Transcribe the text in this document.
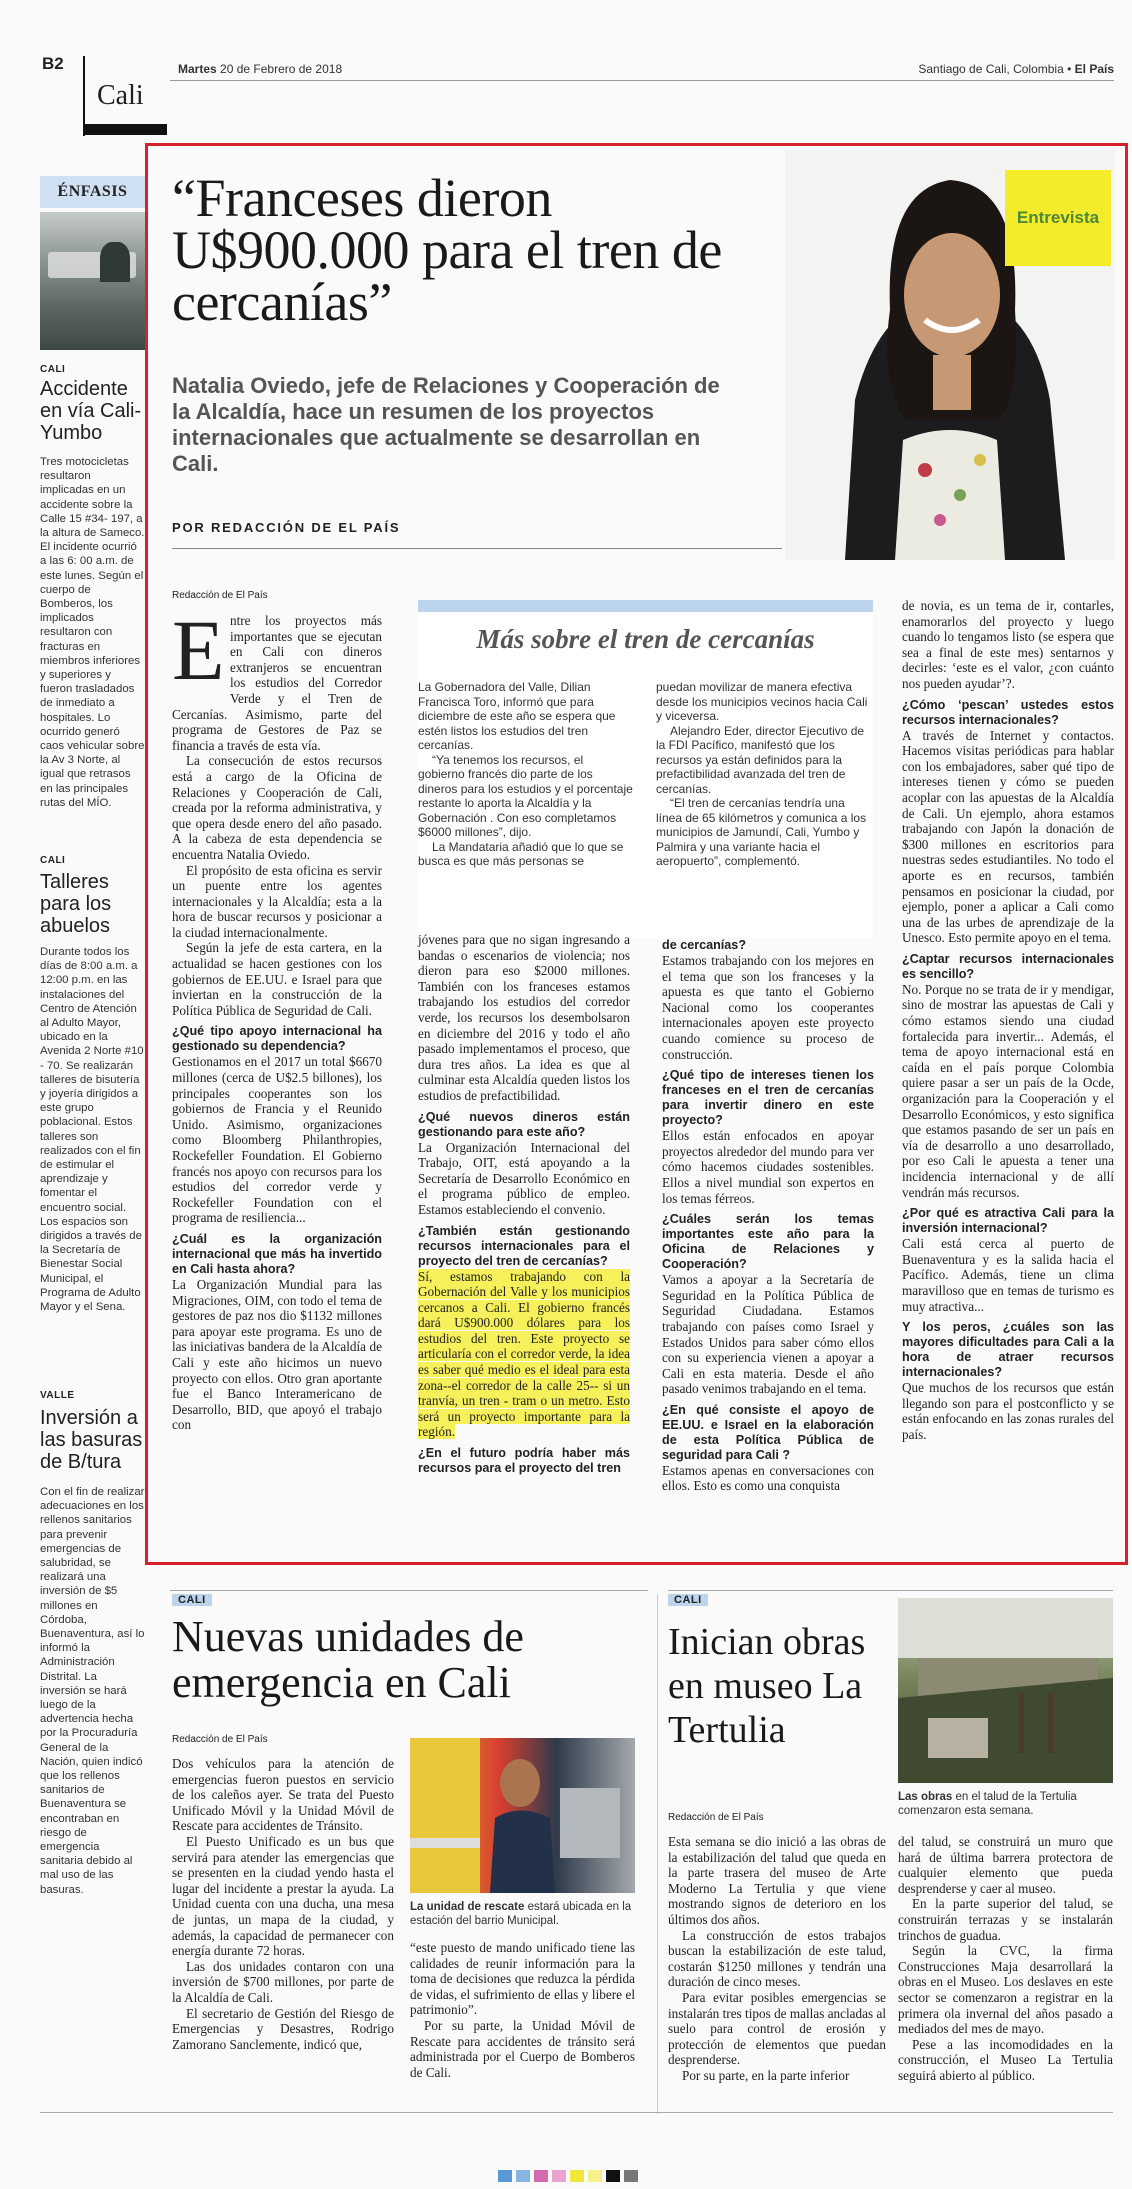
B2
Cali
Martes 20 de Febrero de 2018	Santiago de Cali, Colombia • El País
ÉNFASIS
CALI
Accidente en vía Cali-Yumbo
Tres motocicletas resultaron implicadas en un accidente sobre la Calle 15 #34- 197, a la altura de Sameco. El incidente ocurrió a las 6: 00 a.m. de este lunes. Según el cuerpo de Bomberos, los implicados resultaron con fracturas en miembros inferiores y superiores y fueron trasladados de inmediato a hospitales. Lo ocurrido generó caos vehicular sobre la Av 3 Norte, al igual que retrasos en las principales rutas del MÍO.
CALI
Talleres para los abuelos
Durante todos los días de 8:00 a.m. a 12:00 p.m. en las instalaciones del Centro de Atención al Adulto Mayor, ubicado en la Avenida 2 Norte #10 - 70. Se realizarán talleres de bisutería y joyería dirigidos a este grupo poblacional. Estos talleres son realizados con el fin de estimular el aprendizaje y fomentar el encuentro social. Los espacios son dirigidos a través de la Secretaría de Bienestar Social Municipal, el Programa de Adulto Mayor y el Sena.
VALLE
Inversión a las basuras de B/tura
Con el fin de realizar adecuaciones en los rellenos sanitarios para prevenir emergencias de salubridad, se realizará una inversión de $5 millones en Córdoba, Buenaventura, así lo informó la Administración Distrital. La inversión se hará luego de la advertencia hecha por la Procuraduría General de la Nación, quien indicó que los rellenos sanitarios de Buenaventura se encontraban en riesgo de emergencia sanitaria debido al mal uso de las basuras.
Entrevista
“Franceses dieron U$900.000 para el tren de cercanías”
Natalia Oviedo, jefe de Relaciones y Cooperación de la Alcaldía, hace un resumen de los proyectos internacionales que actualmente se desarrollan en Cali.
POR REDACCIÓN DE EL PAÍS
Redacción de El País
E ntre los proyectos más importantes que se ejecutan en Cali con dineros extranjeros se encuentran los estudios del Corredor Verde y el Tren de Cercanías. Asimismo, parte del programa de Gestores de Paz se financia a través de esta vía.

La consecución de estos recursos está a cargo de la Oficina de Relaciones y Cooperación de Cali, creada por la reforma administrativa, y que opera desde enero del año pasado. A la cabeza de esta dependencia se encuentra Natalia Oviedo.

El propósito de esta oficina es servir un puente entre los agentes internacionales y la Alcaldía; esta a la hora de buscar recursos y posicionar a la ciudad internacionalmente.

Según la jefe de esta cartera, en la actualidad se hacen gestiones con los gobiernos de EE.UU. e Israel para que inviertan en la construcción de la Política Pública de Seguridad de Cali.

¿Qué tipo apoyo internacional ha gestionado su dependencia?

Gestionamos en el 2017 un total $6670 millones (cerca de U$2.5 billones), los principales cooperantes son los gobiernos de Francia y el Reunido Unido. Asimismo, organizaciones como Bloomberg Philanthropies, Rockefeller Foundation. El Gobierno francés nos apoyo con recursos para los estudios del corredor verde y Rockefeller Foundation con el programa de resiliencia...

¿Cuál es la organización internacional que más ha invertido en Cali hasta ahora?

La Organización Mundial para las Migraciones, OIM, con todo el tema de gestores de paz nos dio $1132 millones para apoyar este programa. Es uno de las iniciativas bandera de la Alcaldía de Cali y este año hicimos un nuevo proyecto con ellos. Otro gran aportante fue el Banco Interamericano de Desarrollo, BID, que apoyó el trabajo con

Más sobre el tren de cercanías

La Gobernadora del Valle, Dilian Francisca Toro, informó que para diciembre de este año se espera que estén listos los estudios del tren cercanías.

“Ya tenemos los recursos, el gobierno francés dio parte de los dineros para los estudios y el porcentaje restante lo aporta la Alcaldía y la Gobernación . Con eso completamos $6000 millones”, dijo.

La Mandataria añadió que lo que se busca es que más personas se

puedan movilizar de manera efectiva desde los municipios vecinos hacia Cali y viceversa.

Alejandro Eder, director Ejecutivo de la FDI Pacífico, manifestó que los recursos ya están definidos para la prefactibilidad avanzada del tren de cercanías.

“El tren de cercanías tendría una línea de 65 kilómetros y comunica a los municipios de Jamundí, Cali, Yumbo y Palmira y una variante hacia el aeropuerto”, complementó.

jóvenes para que no sigan ingresando a bandas o escenarios de violencia; nos dieron para eso $2000 millones. También con los franceses estamos trabajando los estudios del corredor verde, los recursos los desembolsaron en diciembre del 2016 y todo el año pasado implementamos el proceso, que dura tres años. La idea es que al culminar esta Alcaldía queden listos los estudios de prefactibilidad.

¿Qué nuevos dineros están gestionando para este año?

La Organización Internacional del Trabajo, OIT, está apoyando a la Secretaría de Desarrollo Económico en el programa público de empleo. Estamos estableciendo el convenio.

¿También están gestionando recursos internacionales para el proyecto del tren de cercanías?

Sí, estamos trabajando con la Gobernación del Valle y los municipios cercanos a Cali. El gobierno francés dará U$900.000 dólares para los estudios del tren. Este proyecto se articularía con el corredor verde, la idea es saber qué medio es el ideal para esta zona--el corredor de la calle 25-- si un tranvía, un tren - tram o un metro. Esto será un proyecto importante para la región.

¿En el futuro podría haber más recursos para el proyecto del tren

de cercanías?

Estamos trabajando con los mejores en el tema que son los franceses y la apuesta es que tanto el Gobierno Nacional como los cooperantes internacionales apoyen este proyecto cuando comience su proceso de construcción.

¿Qué tipo de intereses tienen los franceses en el tren de cercanías para invertir dinero en este proyecto?

Ellos están enfocados en apoyar proyectos alrededor del mundo para ver cómo hacemos ciudades sostenibles. Ellos a nivel mundial son expertos en los temas férreos.

¿Cuáles serán los temas importantes este año para la Oficina de Relaciones y Cooperación?

Vamos a apoyar a la Secretaría de Seguridad en la Política Pública de Seguridad Ciudadana. Estamos trabajando con países como Israel y Estados Unidos para saber cómo ellos con su experiencia vienen a apoyar a Cali en esta materia. Desde el año pasado venimos trabajando en el tema.

¿En qué consiste el apoyo de EE.UU. e Israel en la elaboración de esta Política Pública de seguridad para Cali ?

Estamos apenas en conversaciones con ellos. Esto es como una conquista

de novia, es un tema de ir, contarles, enamorarlos del proyecto y luego cuando lo tengamos listo (se espera que sea a final de este mes) sentarnos y decirles: ‘este es el valor, ¿con cuánto nos pueden ayudar’?.

¿Cómo ‘pescan’ ustedes estos recursos internacionales?

A través de Internet y contactos. Hacemos visitas periódicas para hablar con los embajadores, saber qué tipo de intereses tienen y cómo se pueden acoplar con las apuestas de la Alcaldía de Cali. Un ejemplo, ahora estamos trabajando con Japón la donación de $300 millones en escritorios para nuestras sedes estudiantiles. No todo el aporte es en recursos, también pensamos en posicionar la ciudad, por ejemplo, poner a aplicar a Cali como una de las urbes de aprendizaje de la Unesco. Esto permite apoyo en el tema.

¿Captar recursos internacionales es sencillo?

No. Porque no se trata de ir y mendigar, sino de mostrar las apuestas de Cali y cómo estamos siendo una ciudad fortalecida para invertir... Además, el tema de apoyo internacional está en caída en el país porque Colombia quiere pasar a ser un país de la Ocde, organización para la Cooperación y el Desarrollo Económicos, y esto significa que estamos pasando de ser un país en vía de desarrollo a uno desarrollado, por eso Cali le apuesta a tener una incidencia internacional y de allí vendrán más recursos.

¿Por qué es atractiva Cali para la inversión internacional?

Cali está cerca al puerto de Buenaventura y es la salida hacia el Pacífico. Además, tiene un clima maravilloso que en temas de turismo es muy atractiva...

Y los peros, ¿cuáles son las mayores dificultades para Cali a la hora de atraer recursos internacionales?

Que muchos de los recursos que están llegando son para el postconflicto y se están enfocando en las zonas rurales del país.

CALI
Nuevas unidades de emergencia en Cali
Redacción de El País

Dos vehículos para la atención de emergencias fueron puestos en servicio de los caleños ayer. Se trata del Puesto Unificado Móvil y la Unidad Móvil de Rescate para accidentes de Tránsito.

El Puesto Unificado es un bus que servirá para atender las emergencias que se presenten en la ciudad yendo hasta el lugar del incidente a prestar la ayuda. La Unidad cuenta con una ducha, una mesa de juntas, un mapa de la ciudad, y además, la capacidad de permanecer con energía durante 72 horas.

Las dos unidades contaron con una inversión de $700 millones, por parte de la Alcaldía de Cali.

El secretario de Gestión del Riesgo de Emergencias y Desastres, Rodrigo Zamorano Sanclemente, indicó que,

La unidad de rescate estará ubicada en la estación del barrio Municipal.

“este puesto de mando unificado tiene las calidades de reunir información para la toma de decisiones que reduzca la pérdida de vidas, el sufrimiento de ellas y libere el patrimonio”.

Por su parte, la Unidad Móvil de Rescate para accidentes de tránsito será administrada por el Cuerpo de Bomberos de Cali.

CALI
Inician obras en museo La Tertulia
Redacción de El País
Las obras en el talud de la Tertulia comenzaron esta semana.

Esta semana se dio inició a las obras de la estabilización del talud que queda en la parte trasera del museo de Arte Moderno La Tertulia y que viene mostrando signos de deterioro en los últimos dos años.

La construcción de estos trabajos buscan la estabilización de este talud, costarán $1250 millones y tendrán una duración de cinco meses.

Para evitar posibles emergencias se instalarán tres tipos de mallas ancladas al suelo para control de erosión y protección de elementos que puedan desprenderse.

Por su parte, en la parte inferior

del talud, se construirá un muro que hará de última barrera protectora de cualquier elemento que pueda desprenderse y caer al museo.

En la parte superior del talud, se construirán terrazas y se instalarán trinchos de guadua.

Según la CVC, la firma Construcciones Maja desarrollará la obras en el Museo. Los deslaves en este sector se comenzaron a registrar en la primera ola invernal del años pasado a mediados del mes de mayo.

Pese a las incomodidades en la construcción, el Museo La Tertulia seguirá abierto al público.
